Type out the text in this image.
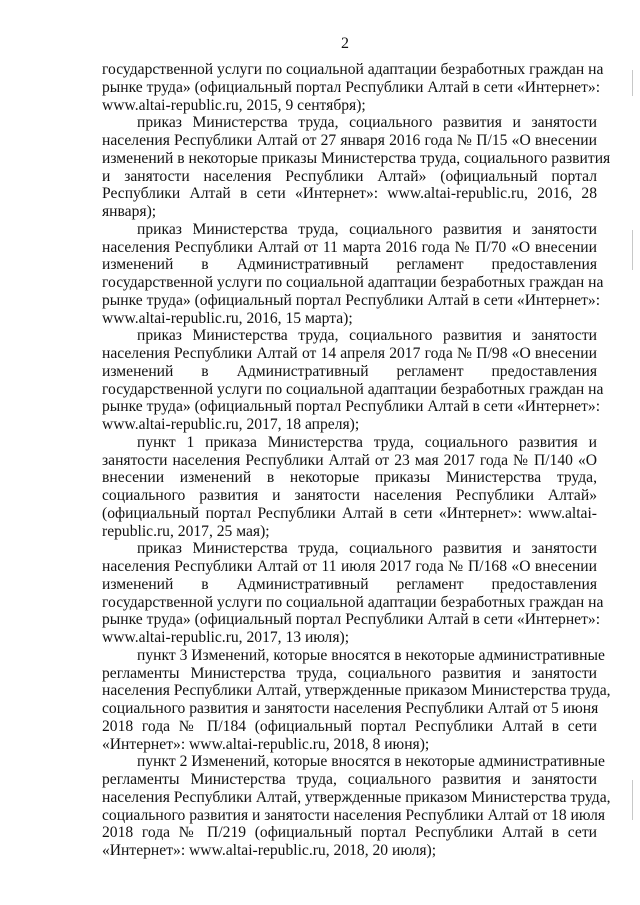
2
государственной услуги по социальной адаптации безработных граждан на
рынке труда» (официальный портал Республики Алтай в сети «Интернет»:
www.altai-republic.ru, 2015, 9 сентября);
приказ Министерства труда, социального развития и занятости
населения Республики Алтай от 27 января 2016 года № П/15 «О внесении
изменений в некоторые приказы Министерства труда, социального развития
и занятости населения Республики Алтай» (официальный портал
Республики Алтай в сети «Интернет»: www.altai-republic.ru, 2016, 28
января);
приказ Министерства труда, социального развития и занятости
населения Республики Алтай от 11 марта 2016 года № П/70 «О внесении
изменений в Административный регламент предоставления
государственной услуги по социальной адаптации безработных граждан на
рынке труда» (официальный портал Республики Алтай в сети «Интернет»:
www.altai-republic.ru, 2016, 15 марта);
приказ Министерства труда, социального развития и занятости
населения Республики Алтай от 14 апреля 2017 года № П/98 «О внесении
изменений в Административный регламент предоставления
государственной услуги по социальной адаптации безработных граждан на
рынке труда» (официальный портал Республики Алтай в сети «Интернет»:
www.altai-republic.ru, 2017, 18 апреля);
пункт 1 приказа Министерства труда, социального развития и
занятости населения Республики Алтай от 23 мая 2017 года № П/140 «О
внесении изменений в некоторые приказы Министерства труда,
социального развития и занятости населения Республики Алтай»
(официальный портал Республики Алтай в сети «Интернет»: www.altai-
republic.ru, 2017, 25 мая);
приказ Министерства труда, социального развития и занятости
населения Республики Алтай от 11 июля 2017 года № П/168 «О внесении
изменений в Административный регламент предоставления
государственной услуги по социальной адаптации безработных граждан на
рынке труда» (официальный портал Республики Алтай в сети «Интернет»:
www.altai-republic.ru, 2017, 13 июля);
пункт 3 Изменений, которые вносятся в некоторые административные
регламенты Министерства труда, социального развития и занятости
населения Республики Алтай, утвержденные приказом Министерства труда,
социального развития и занятости населения Республики Алтай от 5 июня
2018 года № П/184 (официальный портал Республики Алтай в сети
«Интернет»: www.altai-republic.ru, 2018, 8 июня);
пункт 2 Изменений, которые вносятся в некоторые административные
регламенты Министерства труда, социального развития и занятости
населения Республики Алтай, утвержденные приказом Министерства труда,
социального развития и занятости населения Республики Алтай от 18 июля
2018 года № П/219 (официальный портал Республики Алтай в сети
«Интернет»: www.altai-republic.ru, 2018, 20 июля);
